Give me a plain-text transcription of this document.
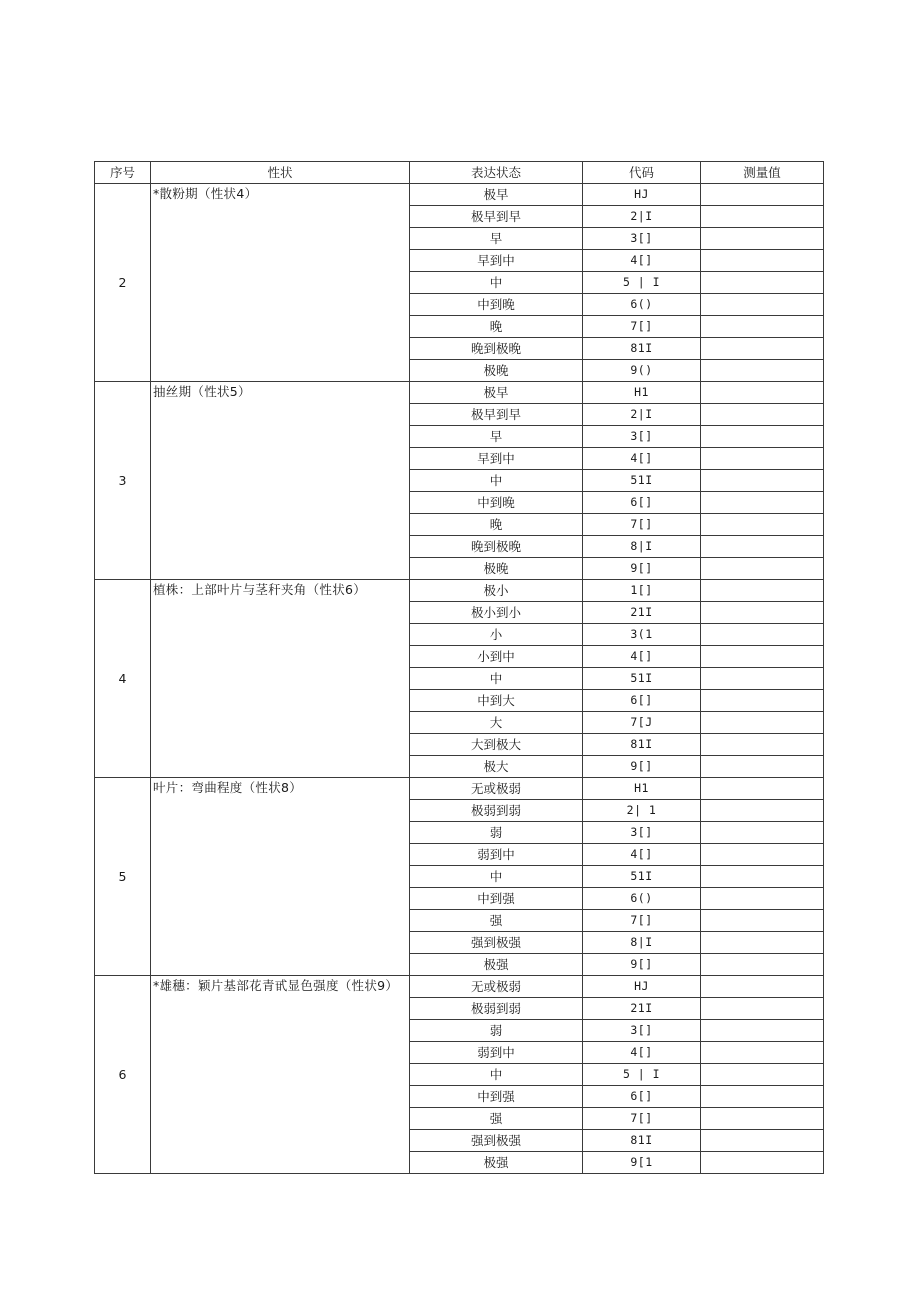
序号	性状	表达状态	代码	测量值
2	*散粉期（性状4）	极早	HJ	
		极早到早	2|I	
		早	3[]	
		早到中	4[]	
		中	5 | I	
		中到晚	6()	
		晚	7[]	
		晚到极晚	81I	
		极晚	9()	
3	抽丝期（性状5）	极早	H1	
		极早到早	2|I	
		早	3[]	
		早到中	4[]	
		中	51I	
		中到晚	6[]	
		晚	7[]	
		晚到极晚	8|I	
		极晚	9[]	
4	植株：上部叶片与茎秆夹角（性状6）	极小	1[]	
		极小到小	21I	
		小	3(1	
		小到中	4[]	
		中	51I	
		中到大	6[]	
		大	7[J	
		大到极大	81I	
		极大	9[]	
5	叶片：弯曲程度（性状8）	无或极弱	H1	
		极弱到弱	2| 1	
		弱	3[]	
		弱到中	4[]	
		中	51I	
		中到强	6()	
		强	7[]	
		强到极强	8|I	
		极强	9[]	
6	*雄穗：颖片基部花青甙显色强度（性状9）	无或极弱	HJ	
		极弱到弱	21I	
		弱	3[]	
		弱到中	4[]	
		中	5 | I	
		中到强	6[]	
		强	7[]	
		强到极强	81I	
		极强	9[1	
